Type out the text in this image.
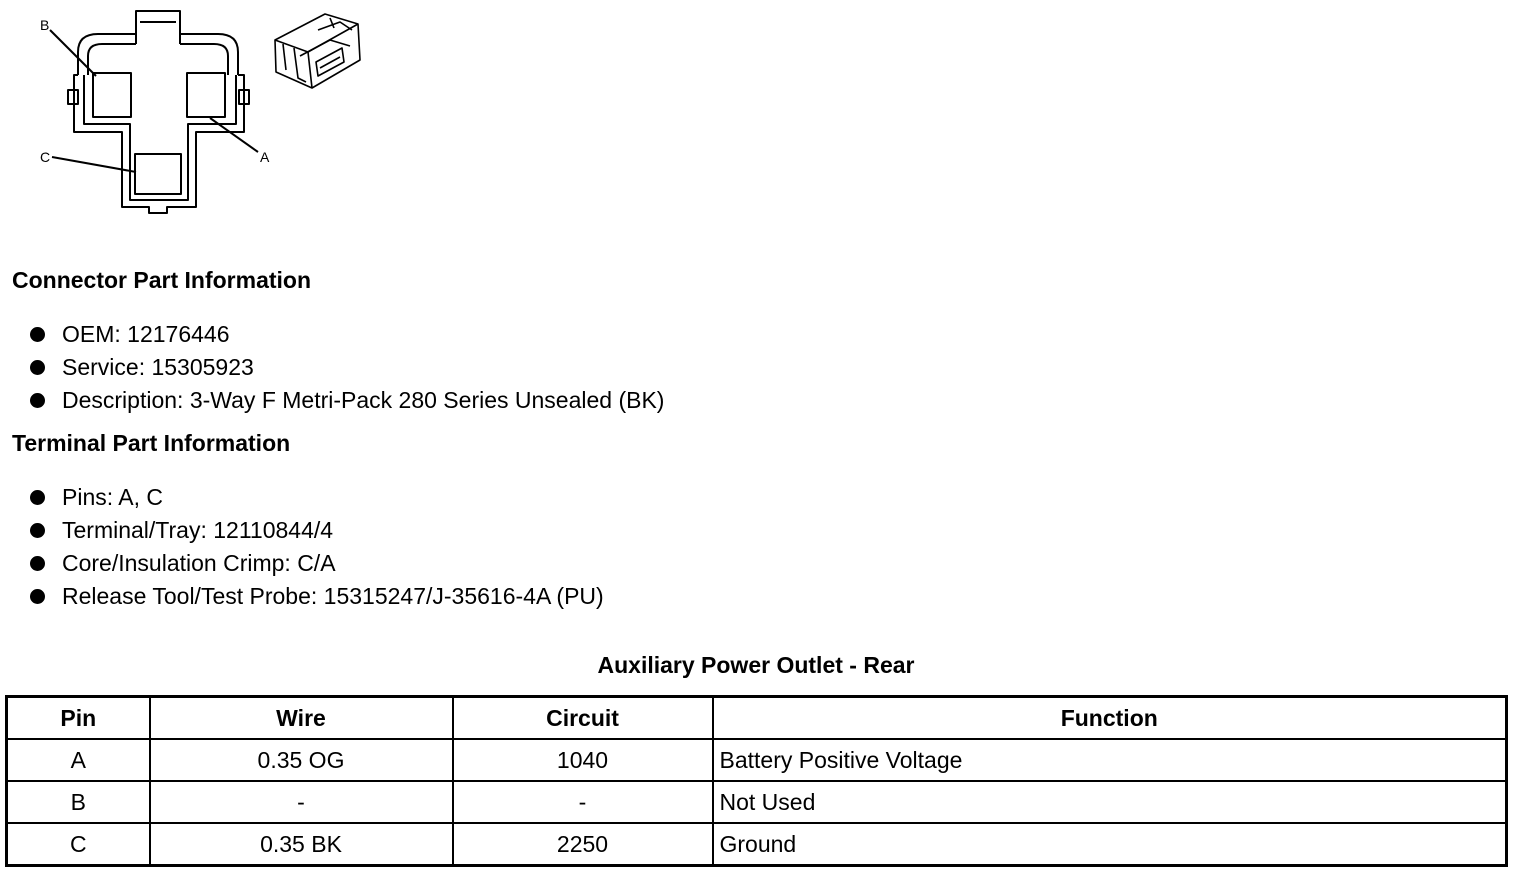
B
A
C
Connector Part Information
OEM: 12176446
Service: 15305923
Description: 3-Way F Metri-Pack 280 Series Unsealed (BK)
Terminal Part Information
Pins: A, C
Terminal/Tray: 12110844/4
Core/Insulation Crimp: C/A
Release Tool/Test Probe: 15315247/J-35616-4A (PU)
Auxiliary Power Outlet - Rear
Pin	Wire	Circuit	Function
A	0.35 OG	1040	Battery Positive Voltage
B	-	-	Not Used
C	0.35 BK	2250	Ground
